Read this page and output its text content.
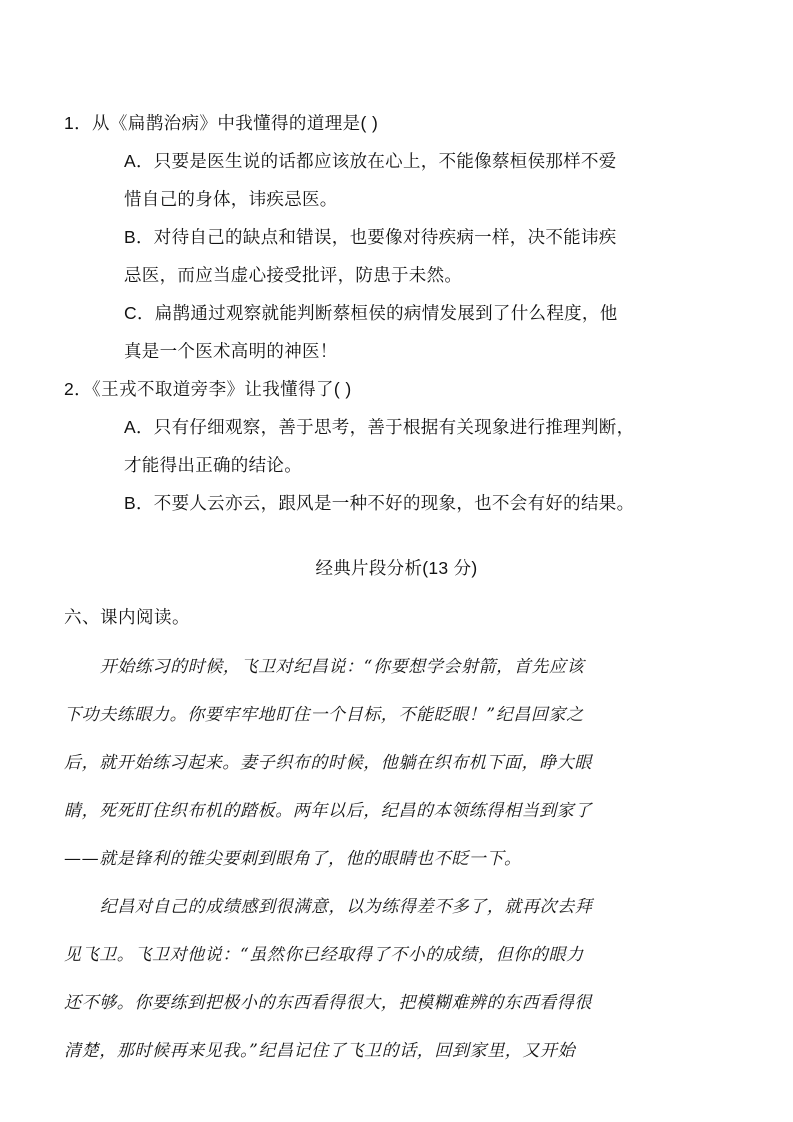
1．从《扁鹊治病》中我懂得的道理是( )
A．只要是医生说的话都应该放在心上，不能像蔡桓侯那样不爱
惜自己的身体，讳疾忌医。
B．对待自己的缺点和错误，也要像对待疾病一样，决不能讳疾
忌医，而应当虚心接受批评，防患于未然。
C．扁鹊通过观察就能判断蔡桓侯的病情发展到了什么程度，他
真是一个医术高明的神医！
2．《王戎不取道旁李》让我懂得了( )
A．只有仔细观察，善于思考，善于根据有关现象进行推理判断，
才能得出正确的结论。
B．不要人云亦云，跟风是一种不好的现象，也不会有好的结果。
经典片段分析(13 分)
六、课内阅读。

开始练习的时候，飞卫对纪昌说：“你要想学会射箭，首先应该
下功夫练眼力。你要牢牢地盯住一个目标，不能眨眼！”纪昌回家之
后，就开始练习起来。妻子织布的时候，他躺在织布机下面，睁大眼
睛，死死盯住织布机的踏板。两年以后，纪昌的本领练得相当到家了
——就是锋利的锥尖要刺到眼角了，他的眼睛也不眨一下。

纪昌对自己的成绩感到很满意，以为练得差不多了，就再次去拜
见飞卫。飞卫对他说：“虽然你已经取得了不小的成绩，但你的眼力
还不够。你要练到把极小的东西看得很大，把模糊难辨的东西看得很
清楚，那时候再来见我。”纪昌记住了飞卫的话，回到家里，又开始
